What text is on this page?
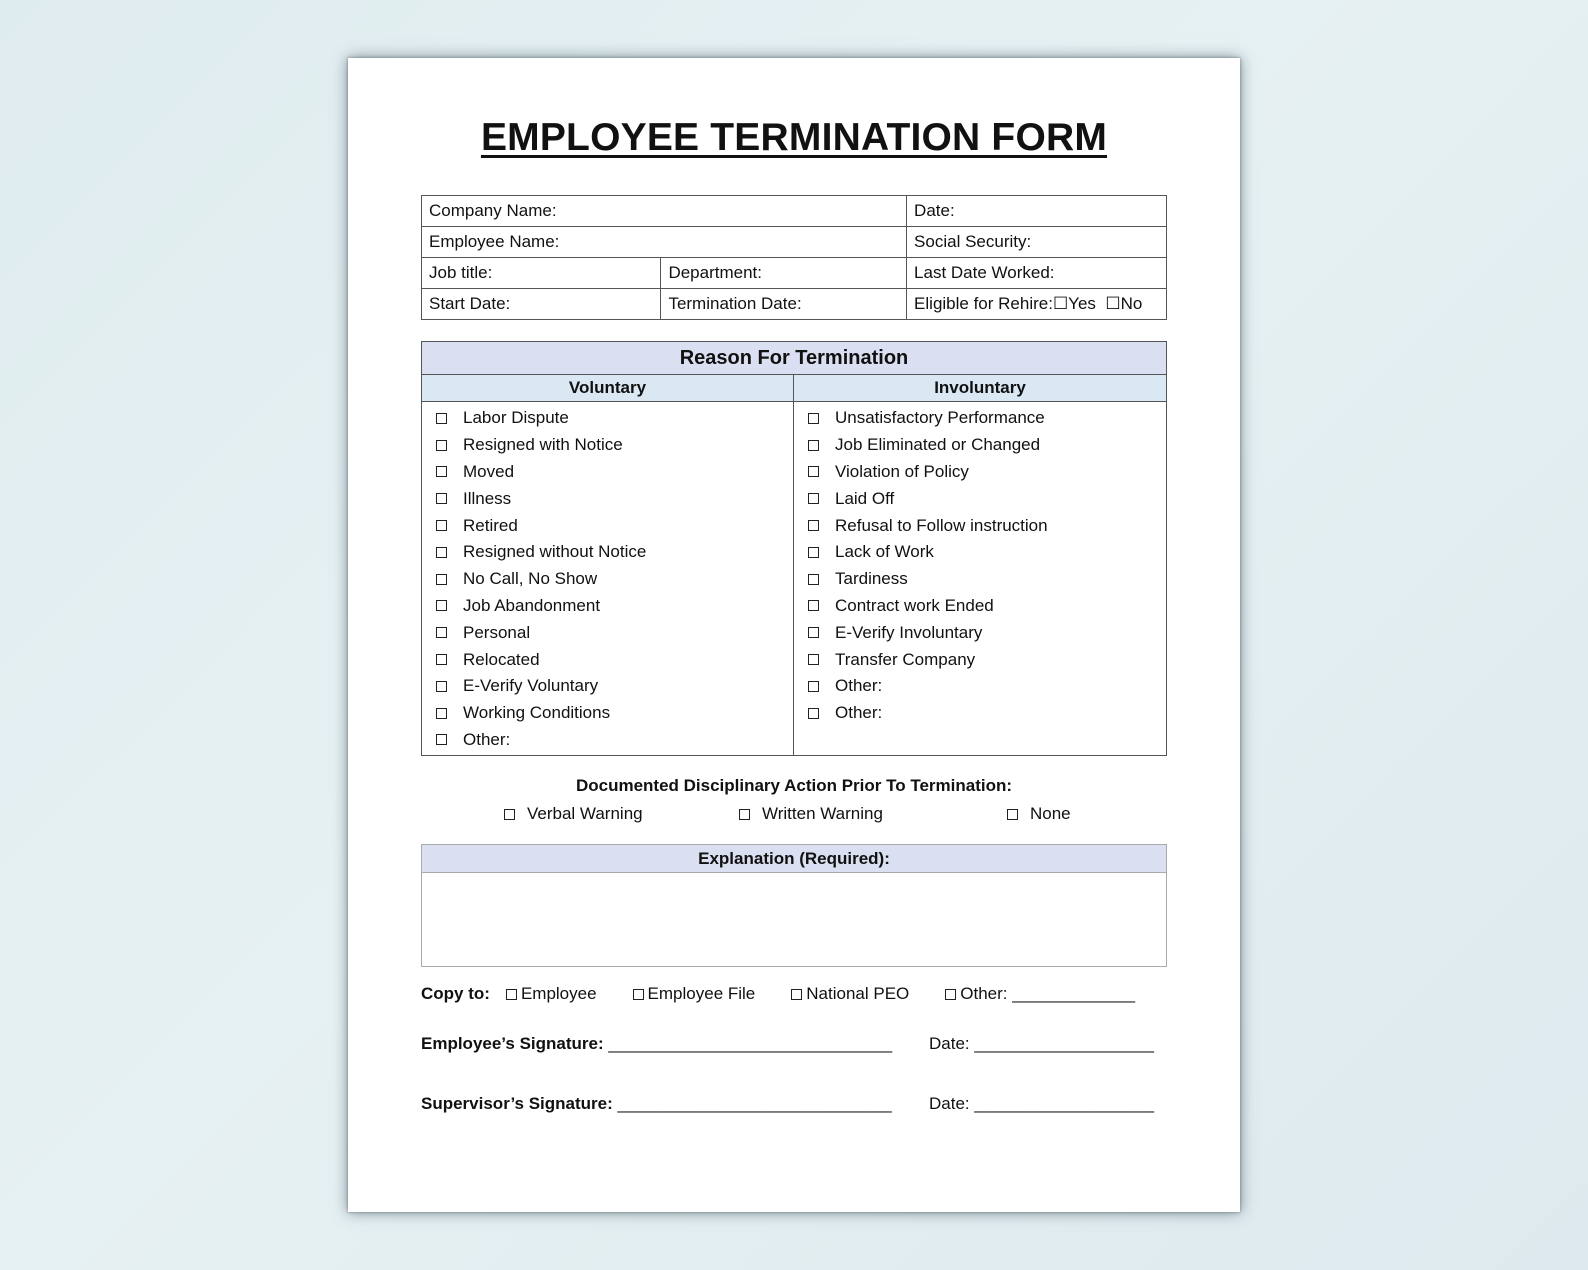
EMPLOYEE TERMINATION FORM
Company Name:		Date:
Employee Name:		Social Security:
Job title:	Department:	Last Date Worked:
Start Date:	Termination Date:	Eligible for Rehire:☐Yes  ☐No
Reason For Termination
Voluntary
Labor Dispute
Resigned with Notice
Moved
Illness
Retired
Resigned without Notice
No Call, No Show
Job Abandonment
Personal
Relocated
E-Verify Voluntary
Working Conditions
Other:
Involuntary
Unsatisfactory Performance
Job Eliminated or Changed
Violation of Policy
Laid Off
Refusal to Follow instruction
Lack of Work
Tardiness
Contract work Ended
E-Verify Involuntary
Transfer Company
Other:
Other:
Documented Disciplinary Action Prior To Termination:
Verbal Warning	Written Warning	None
Explanation (Required):
Copy to: Employee	Employee File	National PEO	Other: _____________
Employee’s Signature: ______________________________ Date: ___________________
Supervisor’s Signature: _____________________________ Date: ___________________
